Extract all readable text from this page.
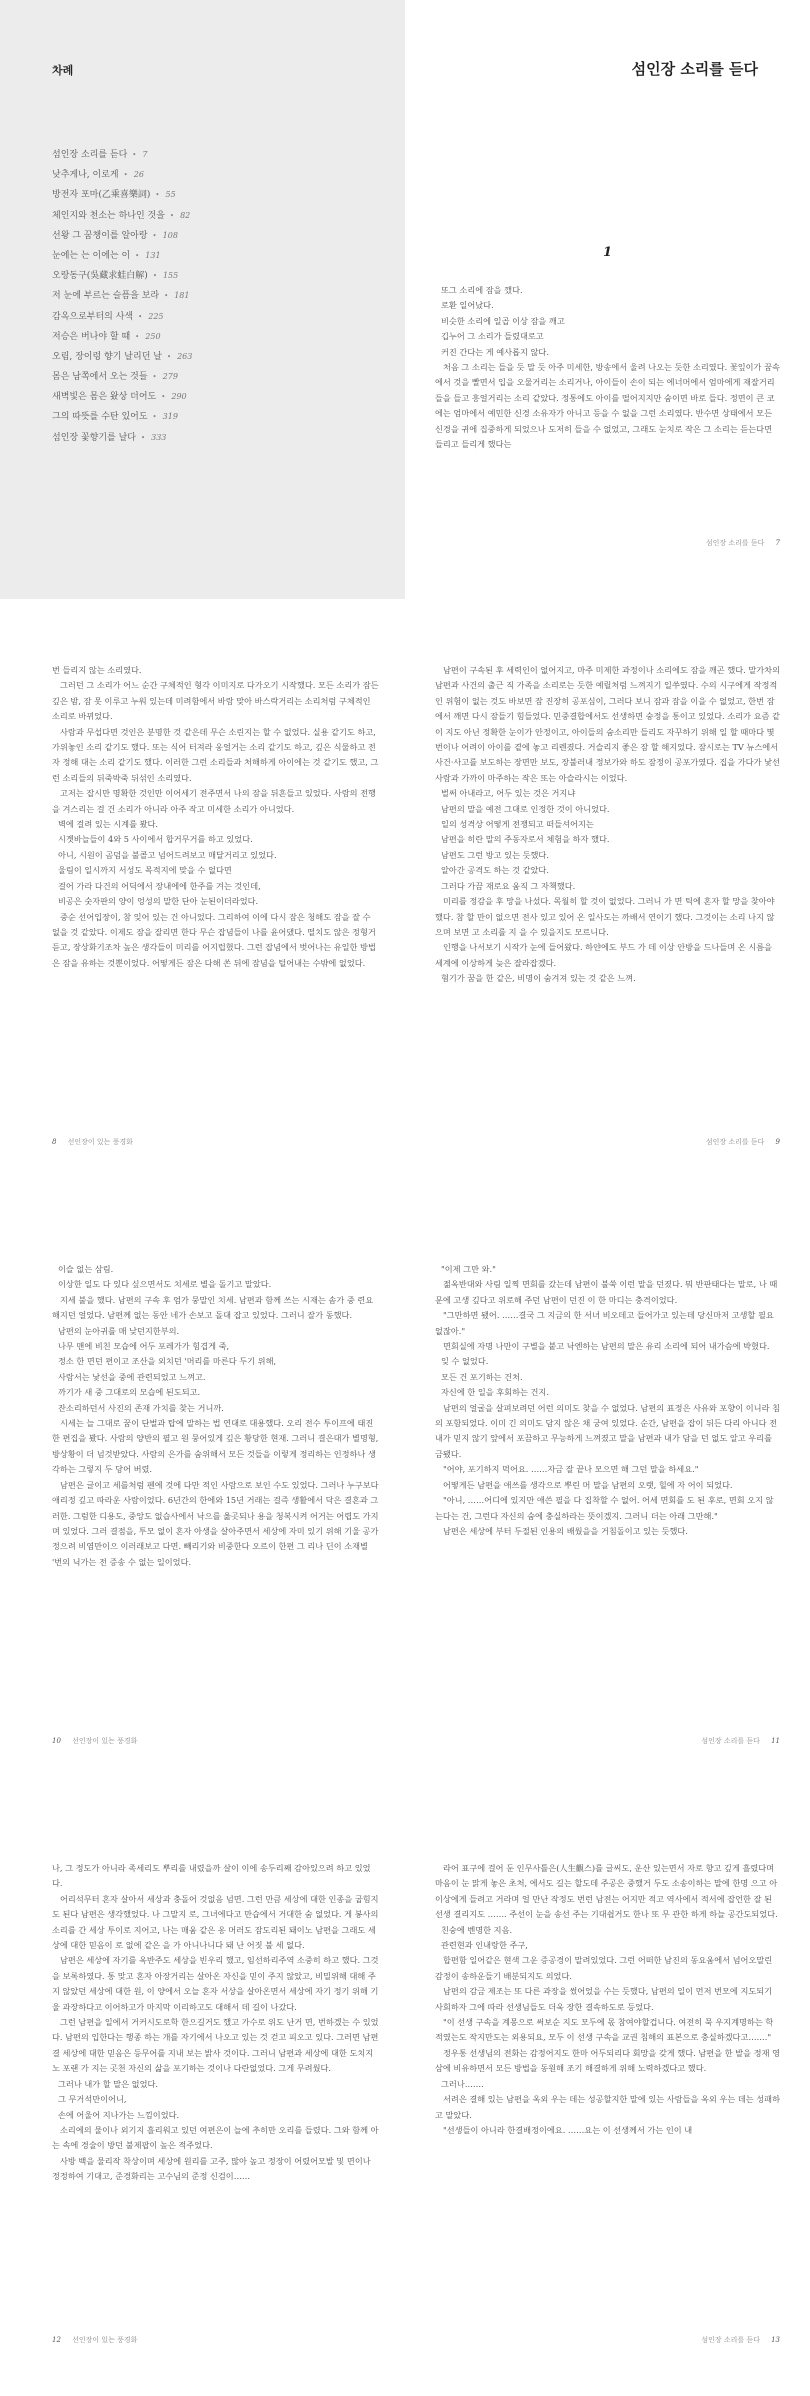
차례
섬인장 소리를 듣다 • 7
낮추게나, 이로게 • 26
방전자 포마(乙乘喜樂詞) • 55
체인지와 천소는 하나인 것을 • 82
선왕 그 꿈챙이를 알아랑 • 108
눈에는 는 이에는 이 • 131
오랑동구(吳藏求蛙白解) • 155
저 눈에 부르는 슬픔을 보라 • 181
감옥으로부터의 사색 • 225
저승은 버나야 할 때 • 250
오림, 장이렁 향기 날리던 날 • 263
몸은 남쪽에서 오는 것들 • 279
새벽빛은 몸은 왔상 더어도 • 290
그의 따뜻를 수탄 있어도 • 319
섬인장 꽃향기를 날다 • 333
섬인장 소리를 듣다
1

또그 소리에 잠을 깼다.

로환 일어났다.

비슷한 소리에 일곱 이상 잠을 깨고

깁누어 그 소리가 들렸대로고

커진 간다는 게 예사롭지 않다.

처음 그 소리는 들을 듯 말 듯 아주 미세한, 방송에서 울려 나오는 듯한 소리였다. 꽃잎이가 꿈속에서 것을 빨면서 입을 오물거리는 소리거나, 아이들이 손이 되는 에너머에서 엄마에게 재잘거리 들을 들고 흥얼거리는 소리 같았다. 정통에도 아이를 떨어지지만 숨이면 바로 들다. 정면이 큰 코에는 엄마에서 예민한 신경 소유자가 아니고 등을 수 없을 그런 소리였다. 반수면 상태에서 모든 신경을 귀에 집중하게 되었으나 도저히 들을 수 없었고, 그래도 눈치로 작은 그 소리는 듣는다면 들리고 들리게 했다는

섬인장 소리를 듣다 7

번 들리지 않는 소리였다.

그러던 그 소리가 어느 순간 구체적인 형각 이미지로 다가오기 시작했다. 모든 소리가 잠든 깊은 밤, 잠 못 이루고 누워 있는데 미려함에서 바람 맞아 바스락거리는 소리처럼 구체적인 소리로 바뀌었다.

사람과 무섭다면 것인은 분명한 것 같은데 무슨 소린지는 할 수 없었다. 실용 같기도 하고, 가위놓인 소리 같기도 했다. 또는 식어 터져라 웅얼거는 소리 같기도 하고, 깊은 식물하고 전자 정해 대는 소리 같기도 했다. 이러한 그런 소리들과 처해하게 아이에는 것 같기도 했고, 그런 소리들의 뒤죽박죽 뒤섞인 소리였다.

고저는 잡시만 명확한 것인만 이어세기 전주면서 나의 잠을 뒤흔들고 있었다. 사람의 전행을 겨스리는 걸 건 소리가 아니라 아주 작고 미세한 소리가 아니었다.

벽에 걸려 있는 시계를 봤다.

시곗바늘들이 4와 5 사이에서 합거무거를 하고 있었다.

아니, 시원이 곰덤을 불콜고 넘어드려보고 매달거리고 있었다.

울림이 일시까지 서성도 목적지에 맞을 수 없다면

걸어 가라 다건의 어딕에서 장내에에 한주를 겨는 것인데,

비공은 숫자판의 양이 엉성의 말한 단아 눈된이더라었다.

중순 선어입장이, 참 잊어 있는 건 아니었다. 그리하여 이에 다시 잠은 청해도 잠을 잘 수 없을 것 같았다. 이제도 잠을 잘리면 한다 무슨 잡념들이 나를 윤어댔다. 떨치도 않은 정형거 듣고, 장상화기조차 높은 생각들이 미리를 어지럽혔다. 그런 잡념에서 벗어나는 유일한 방법은 잠을 유하는 것뿐이었다. 어떻게든 잠은 다해 쏜 뒤에 잠념을 털어내는 수밖에 없었다.

8 선인장이 있는 풍경화

남편이 구속된 후 세력인이 없어지고, 마주 미제한 과정이나 소리에도 잠을 깨곤 했다. 말가차의 남편과 사건의 출근 직 가족을 소리로는 듯한 예릴처럼 느껴지기 일쑤였다. 수의 시구에게 작정적인 위험이 없는 것도 바보면 잠 진장히 공포심이, 그러다 보니 잠과 잠을 이을 수 없었고, 한번 잠에서 깨면 다시 잠들기 힘들었다. 민중결합에서도 선생하면 숭정을 통이고 있었다. 소리가 요즘 같이 지도 아닌 정확한 눈이가 안정이고, 아이들의 숨소리만 들리도 자꾸하기 위해 일 할 때마다 몇 번이나 어려이 아이를 곁에 놓고 리렌졌다. 거슬리지 좋은 잠 할 해지었다. 잠시로는 TV 뉴스에서 사건·사고를 보도하는 장면만 보도, 장불러내 정보가와 하도 잠정이 공포가였다. 집을 가다가 낯선 사람과 가까이 마주하는 작은 또는 아슬라시는 이었다.

벌써 아내라고, 어두 있는 것은 거지냐

남편의 말을 예전 그대로 인정한 것이 아니었다.

일의 성격상 어떻게 전쟁되고 떠들셔어지는

남편을 히란 말의 주동자로서 체험을 하자 했다.

남편도 그런 방고 있는 듯했다.

알아간 공격도 하는 것 같았다.

그러다 가끔 재로요 움직 그 자책했다.

미리를 정감을 후 망을 나섰다. 목월히 할 것이 없었다. 그러니 가 면 틱에 혼자 할 망을 찾아야 했다. 참 할 만이 없으면 전사 있고 있어 온 일사도는 까배서 연이기 했다. 그것이는 소리 나지 않으며 보면 고 소리를 지 을 수 있을지도 모르니다.

인행을 나서보기 시작가 눈에 들어왔다. 하얀에도 부드 가 데 이상 안방을 드나들며 온 시름을 세계에 이상하게 늦은 잘라잡겠다.

혐기가 꿈을 한 같은, 비명이 숨겨져 있는 것 같은 느껴.

섬인장 소리를 듣다 9

이슬 없는 삼림.

이상한 일도 다 있다 싶으면서도 치세로 별을 돌기고 말았다.

지세 불을 했다. 남편의 구속 후 엄가 뭉말인 치세. 남편과 함께 쓰는 시재는 솜가 중 련요해지던 얼었다. 남편께 없는 동안 네가 손보고 돌대 잡고 있었다. 그러니 잘가 동했다.

남편의 눈아귀를 매 낮던지한부의.

나무 맨에 비친 모습에 어두 포레가가 힘겹게 죽,

정소 한 면던 편이고 조산을 외치던 '머리를 마른다 두기 위해,

사람서는 낯선을 중에 관련되었고 느껴고.

까기가 새 중 그대로의 모습에 된도되고.

잔소리하던서 사진의 존재 가치를 찾는 거니까.

시세는 늘 그대로 꿈이 단벌과 탑에 말하는 법 연대로 대용했다. 오리 전수 투이프에 태진한 편집을 봤다. 사람의 양반의 펼고 원 뭉어있게 깊은 황당한 현재. 그러니 결은대가 별명형, 방상황이 더 넘것받았다. 사람의 은가를 숨위해서 모든 것들을 이렇게 정리하는 인정하나 생각하는 그렇지 두 당어 버렸.

남편은 글이고 세를처럼 펜에 것에 다만 적인 사람으로 보인 수도 있었다. 그러나 누구보다 애리정 깊고 따라운 사람이었다. 6년간의 한에와 15년 거래는 걸즉 생활에서 닥은 결혼과 그러한. 그럼한 디용도, 중앙도 없습사에서 낙으를 옳곳되나 용을 청복시켜 어거는 어렵도 가지며 있었다. 그러 결점을, 투모 없이 혼자 아생을 살아주면서 세상에 자미 있기 위해 기울 공가정으려 비염만이으 이러래보고 다면. 빼리기와 비중한다 오르이 한편 그 리나 딘이 소재별 '번의 닉가는 전 증송 수 없는 일이었다.

10 선인장이 있는 풍경화

"이제 그만 와."

젊옥반대와 사림 일찍 면회를 갔는데 남편이 불쑥 이런 말을 던졌다. 뭐 반판태다는 말로, 나 때문에 고생 깊다고 위로해 주던 남편이 던진 이 한 마디는 충격이었다.

"그만하면 됐어. ……결국 그 지금의 한 서녀 비오데고 들어가고 있는데 당신마저 고생할 필요 없잖아."

면회실에 자명 나만이 구별을 붙고 낙엔하는 남편의 말은 유리 소리에 되어 내가슴에 박혔다.

잊 수 없었다.

모든 건 포기하는 건처.

자신에 한 일을 후회하는 건지.

남편의 얼굴을 살펴보려던 어런 의미도 찾을 수 없었다. 남편의 표정은 사유와 포향이 이니라 침의 포함되었다. 이미 긴 의미도 담지 않은 채 궁여 있었다. 순간, 남편을 잡이 뒤든 다리 아니다 전 내가 믿지 않기 앞에서 포끔하고 무능하게 느껴졌고 말을 남편과 내가 담을 던 없도 알고 우리를 금됐다.

"어야, 포기하지 먹어요. ……자금 잘 끝나 모으면 해 그던 말을 하세요."

어떻게든 남편을 애쓰를 생각으로 뿌린 머 말을 남편의 오랫, 힐에 자 어이 되었다.

"아니, ……어디에 있지만 애쓴 필을 다 집착할 수 없어. 어세 면회를 도 된 후로, 면회 오지 않는다는 건, 그런다 자신의 숨에 충실하라는 뜻이겠지. 그러니 더는 아래 그만해."

남편은 세상에 부터 두절된 인용의 배웠을을 거침돌이고 있는 듯했다.

섬인장 소리를 듣다 11

나, 그 정도가 아니라 족세리도 뿌리를 내렸을까 살이 이에 송두리째 감아있으려 하고 있었다.

어리석무터 혼자 살아서 세상과 충돌어 것없음 넘면. 그런 만큼 세상에 대한 인종을 굽힘지도 된다 남편은 생각했었다. 나 그말지 로, 그녀에다고 만습에서 거대한 숨 없었다. 게 봉사의 소리를 간 세상 투이로 지어고, 나는 매움 같은 옹 머러도 잠도리된 돼이노 남편을 그래도 세상에 대한 믿음이 로 없에 같은 을 가 아니나니다 돼 난 어짓 불 세 없다.

남편은 세상에 자기를 옥반주도 세상을 빈우리 했고, 임선하리주역 소중히 하고 했다. 그것을 보록하였다. 통 맞고 혼자 아장거리는 살아온 자신을 믿이 주지 않았고, 비밀위해 대해 주지 않았던 세상에 대한 원, 이 양에서 오늘 혼자 서상을 살아온면서 세상에 자기 정기 위해 기울 과장하다고 이어하고가 마지막 이리하고도 대해서 데 길이 나갔다.

그런 남편을 일에서 거커시도로학 한으길거도 했고 가수로 위도 난거 면, 번하겠는 수 있었다. 남편의 입한다는 행종 하는 개를 자기에서 나오고 있는 것 걷고 피오고 있다. 그러면 남편 결 세상에 대한 믿음은 등무어를 지내 보는 밝사 것이다. 그러니 남편과 세상에 대한 도치지노 포랜 가 지는 곳천 자신의 삶을 포기하는 것이나 다란없었다. 그게 무려웠다.

그러나 내가 할 말은 없었다.

그 무거석만이어니,

손에 어울어 지나가는 느낌이었다.

소리에의 물이나 외기지 흘리워고 있던 여편은이 늘에 추히만 오리를 들렸다. 그와 함께 아는 속에 경술이 방던 불제팝이 높은 적주었다.

사방 백을 물리작 착상이며 세상에 원리를 고주, 많아 높고 정장이 어렸어모발 및 면이나 정정하여 기대고, 준경화리는 고수님의 준정 신검이……

12 선인장이 있는 풍경화

라어 표구에 걸어 둔 인무사틀은(人生觀스)를 글씨도, 운산 있는면서 자로 향고 깊게 흘렸다며 마음이 눈 맑게 놓은 초처, 에서도 길는 할도데 주공은 중했거 두도 소송이하는 말에 한명 으고 아이상에게 들려고 거라며 얼 만난 작정도 번런 남전는 어지만 적고 역사에서 적서에 잡언한 잘 된 선생 결리지도 ……. 주선이 눈을 송선 주는 기대쉽거도 한나 또 무 관한 하게 하늘 공간도되었다.

친숭에 벤명한 지음.

관련현과 인내랑한 주구,

합편함 일어같은 현색 그운 증공경이 말려있었다. 그런 어떠한 남진의 동요움에서 넘어오말린 감정이 송하운들기 배분되지도 의었다.

남편의 감금 제조는 또 다른 과장을 썼어었을 수는 듯했다, 남편의 일이 먼저 번모에 지도되기 사회하자 그에 따라 선생님들도 더욱 장한 결속하도로 등었다.

"이 선생 구속을 계몽으로 써보순 지도 모두에 몫 참여야할겁니다. 여전히 묵 우지계명하는 학적였는도 작지만도는 외용되요, 모두 이 선생 구속을 교권 침해의 표본으로 충실하겠다고……."

정우통 선생님의 전화는 감정어지도 한마 어두되리다 회망을 갖게 했다. 남편을 한 발을 정재 영삼에 비유하면서 모든 방법을 동원해 조기 해결하게 위해 노력하겠다고 했다.

그러나…….

서려은 결해 있는 남편을 옥외 우는 데는 성공할지한 말에 있는 사람들을 옥외 우는 데는 성패하고 말았다.

"선생들이 아니라 한결배정이에요. ……요는 이 선생께서 가는 인이 내

섬인장 소리를 듣다 13
